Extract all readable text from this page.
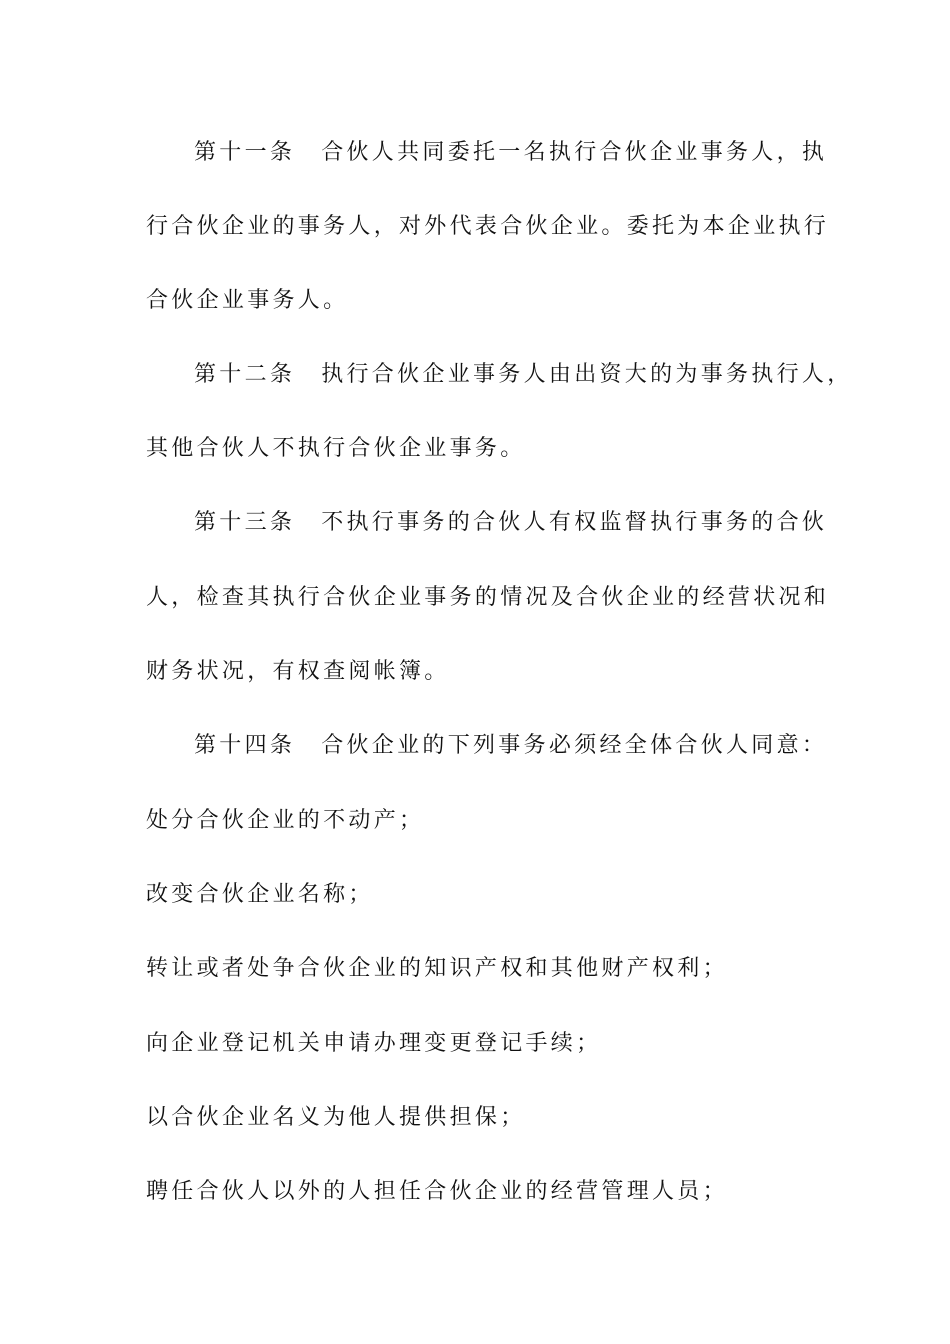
第十一条 合伙人共同委托一名执行合伙企业事务人，执
行合伙企业的事务人，对外代表合伙企业。委托为本企业执行
合伙企业事务人。
第十二条 执行合伙企业事务人由出资大的为事务执行人，
其他合伙人不执行合伙企业事务。
第十三条 不执行事务的合伙人有权监督执行事务的合伙
人，检查其执行合伙企业事务的情况及合伙企业的经营状况和
财务状况，有权查阅帐簿。
第十四条 合伙企业的下列事务必须经全体合伙人同意：
处分合伙企业的不动产；
改变合伙企业名称；
转让或者处争合伙企业的知识产权和其他财产权利；
向企业登记机关申请办理变更登记手续；
以合伙企业名义为他人提供担保；
聘任合伙人以外的人担任合伙企业的经营管理人员；
